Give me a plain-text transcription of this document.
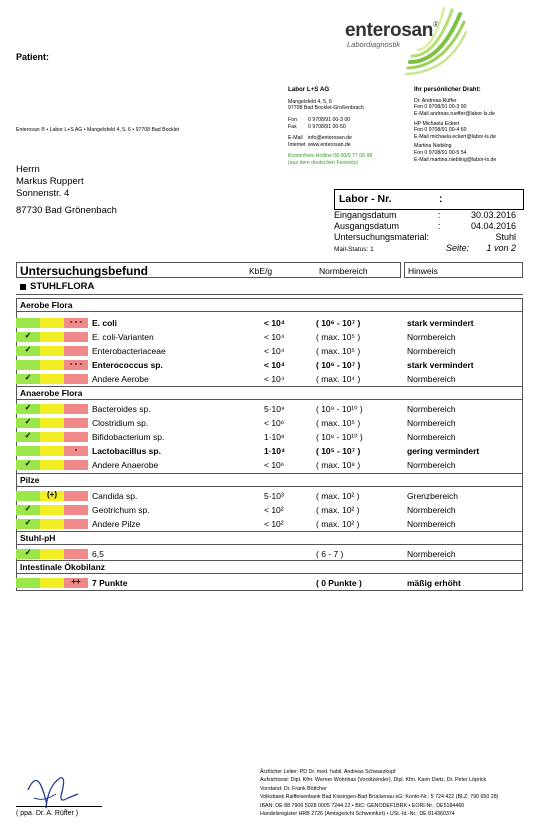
Patient:
enterosan®
Labordiagnostik
Enterosan ® • Labor L+S AG • Mangelsfeld 4, 5, 6 • 97708 Bad Bocklet
Labor L+S AG
Mangelsfeld 4, 5, 6
97708 Bad Bocklet-Großenbrach
Fon 0 9708/91 00-3 00
Fax 0 9708/91 00-50
E-Mail info@enterosan.de
Internet www.enterosan.de
Kostenfreie Hotline 08 00/9 77 08 98
(aus dem deutschen Festnetz)
Ihr persönlicher Draht:
Dr. Andreas Rüffer
Fon 0 9708/91 00-3 90
E-Mail andreas.rueffer@labor-ls.de
HP Michaela Eckert
Fon 0 9708/91 00-4 60
E-Mail michaela.eckert@labor-ls.de
Martina Niebling
Fon 0 9708/91 00-5 54
E-Mail martina.niebling@labor-ls.de
Herrn
Markus Ruppert
Sonnenstr. 4
87730 Bad Grönenbach
Labor - Nr.	:
Eingangsdatum	:	30.03.2016
Ausgangsdatum	:	04.04.2016
Untersuchungsmaterial:	Stuhl
Mail-Status: 1	Seite: 1 von 2
Untersuchungsbefund	KbE/g	Normbereich	Hinweis
STUHLFLORA
Aerobe Flora
Anaerobe Flora
Pilze
Stuhl-pH
Intestinale Ökobilanz
- - -	E. coli	< 10⁴	( 10⁶ - 10⁷ )	stark vermindert
✓	E. coli-Varianten	< 10⁴	( max. 10⁵ )	Normbereich
✓	Enterobacteriaceae	< 10⁴	( max. 10⁵ )	Normbereich
- - -	Enterococcus sp.	< 10⁴	( 10⁶ - 10⁷ )	stark vermindert
✓	Andere Aerobe	< 10⁴	( max. 10⁴ )	Normbereich
✓	Bacteroides sp.	5·10⁹	( 10⁹ - 10¹⁰ )	Normbereich
✓	Clostridium sp.	< 10⁶	( max. 10⁵ )	Normbereich
✓	Bifidobacterium sp.	1·10⁸	( 10⁸ - 10¹⁰ )	Normbereich
-	Lactobacillus sp.	1·10⁴	( 10⁵ - 10⁷ )	gering vermindert
✓	Andere Anaerobe	< 10⁶	( max. 10⁸ )	Normbereich
(+)	Candida sp.	5·10³	( max. 10² )	Grenzbereich
✓	Geotrichum sp.	< 10²	( max. 10² )	Normbereich
✓	Andere Pilze	< 10²	( max. 10² )	Normbereich
✓	6,5	( 6 - 7 )	Normbereich
++	7 Punkte	( 0 Punkte )	mäßig erhöht
( ppa. Dr. A. Rüffer )
Ärztlicher Leiter: PD Dr. med. habil. Andreas Schwarzkopf
Aufsichtsrat: Dipl. Kfm. Werner Wohnhas (Vorsitzender), Dipl. Kfm. Karin Dietz, Dr. Peter Löprick
Vorstand: Dr. Frank Böttcher
Volksbank Raiffeisenbank Bad Kissingen-Bad Brückenau eG: Konto-Nr.: 5 724 422 (BLZ: 790 650 28)
IBAN: DE 88 7906 5028 0005 7244 22 • BIC: GENODEF1BRK • EORI-Nr.: DE5184460
Handelsregister HRB 2726 (Amtsgericht Schweinfurt) • USt.-Id.-Nr.: DE 814360374
